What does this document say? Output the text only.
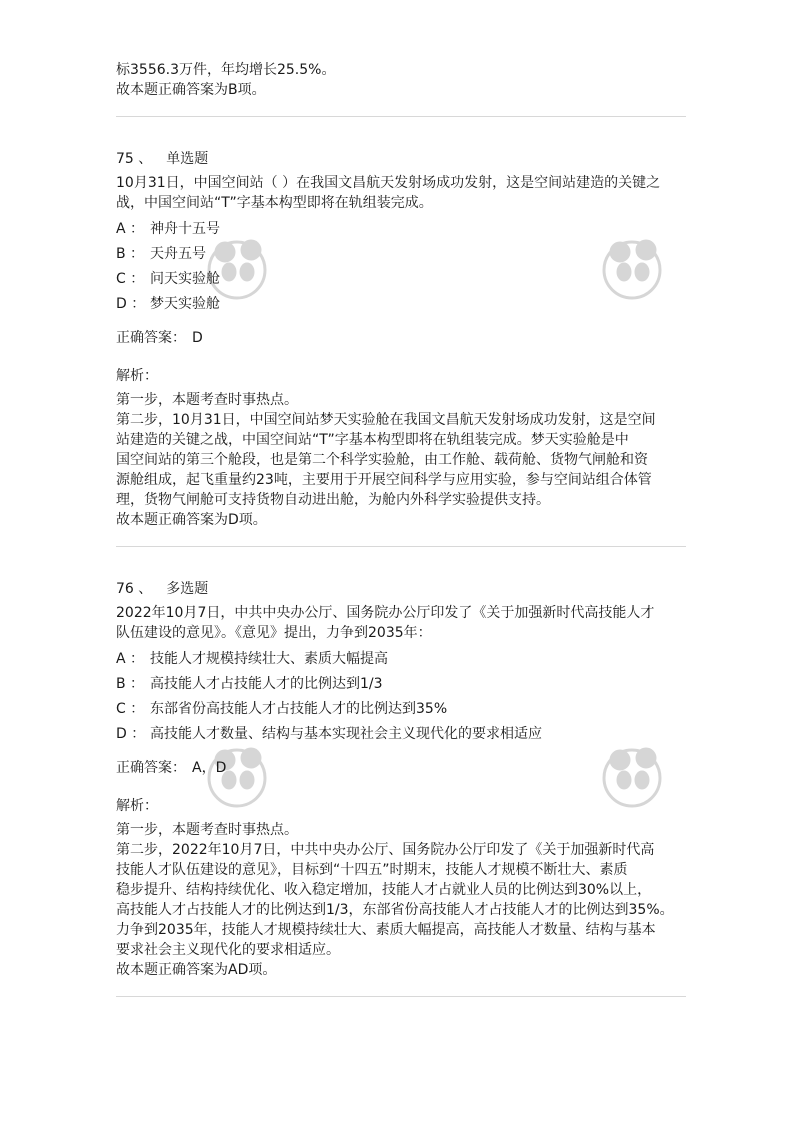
标3556.3万件，年均增长25.5%。

故本题正确答案为B项。

75 、 单选题

10月31日，中国空间站（ ）在我国文昌航天发射场成功发射，这是空间站建造的关键之

战，中国空间站“T”字基本构型即将在轨组装完成。

A ： 神舟十五号
B ： 天舟五号
C ： 问天实验舱
D ： 梦天实验舱
正确答案： D
解析：

第一步，本题考查时事热点。

第二步，10月31日，中国空间站梦天实验舱在我国文昌航天发射场成功发射，这是空间

站建造的关键之战，中国空间站“T”字基本构型即将在轨组装完成。梦天实验舱是中

国空间站的第三个舱段，也是第二个科学实验舱，由工作舱、载荷舱、货物气闸舱和资

源舱组成，起飞重量约23吨，主要用于开展空间科学与应用实验，参与空间站组合体管

理，货物气闸舱可支持货物自动进出舱，为舱内外科学实验提供支持。

故本题正确答案为D项。

76 、 多选题

2022年10月7日，中共中央办公厅、国务院办公厅印发了《关于加强新时代高技能人才

队伍建设的意见》。《意见》提出，力争到2035年：

A ： 技能人才规模持续壮大、素质大幅提高
B ： 高技能人才占技能人才的比例达到1/3
C ： 东部省份高技能人才占技能人才的比例达到35%
D ： 高技能人才数量、结构与基本实现社会主义现代化的要求相适应
正确答案： A，D
解析：

第一步，本题考查时事热点。

第二步，2022年10月7日，中共中央办公厅、国务院办公厅印发了《关于加强新时代高

技能人才队伍建设的意见》，目标到“十四五”时期末，技能人才规模不断壮大、素质

稳步提升、结构持续优化、收入稳定增加，技能人才占就业人员的比例达到30%以上，

高技能人才占技能人才的比例达到1/3，东部省份高技能人才占技能人才的比例达到35%。

力争到2035年，技能人才规模持续壮大、素质大幅提高，高技能人才数量、结构与基本

要求社会主义现代化的要求相适应。

故本题正确答案为AD项。
